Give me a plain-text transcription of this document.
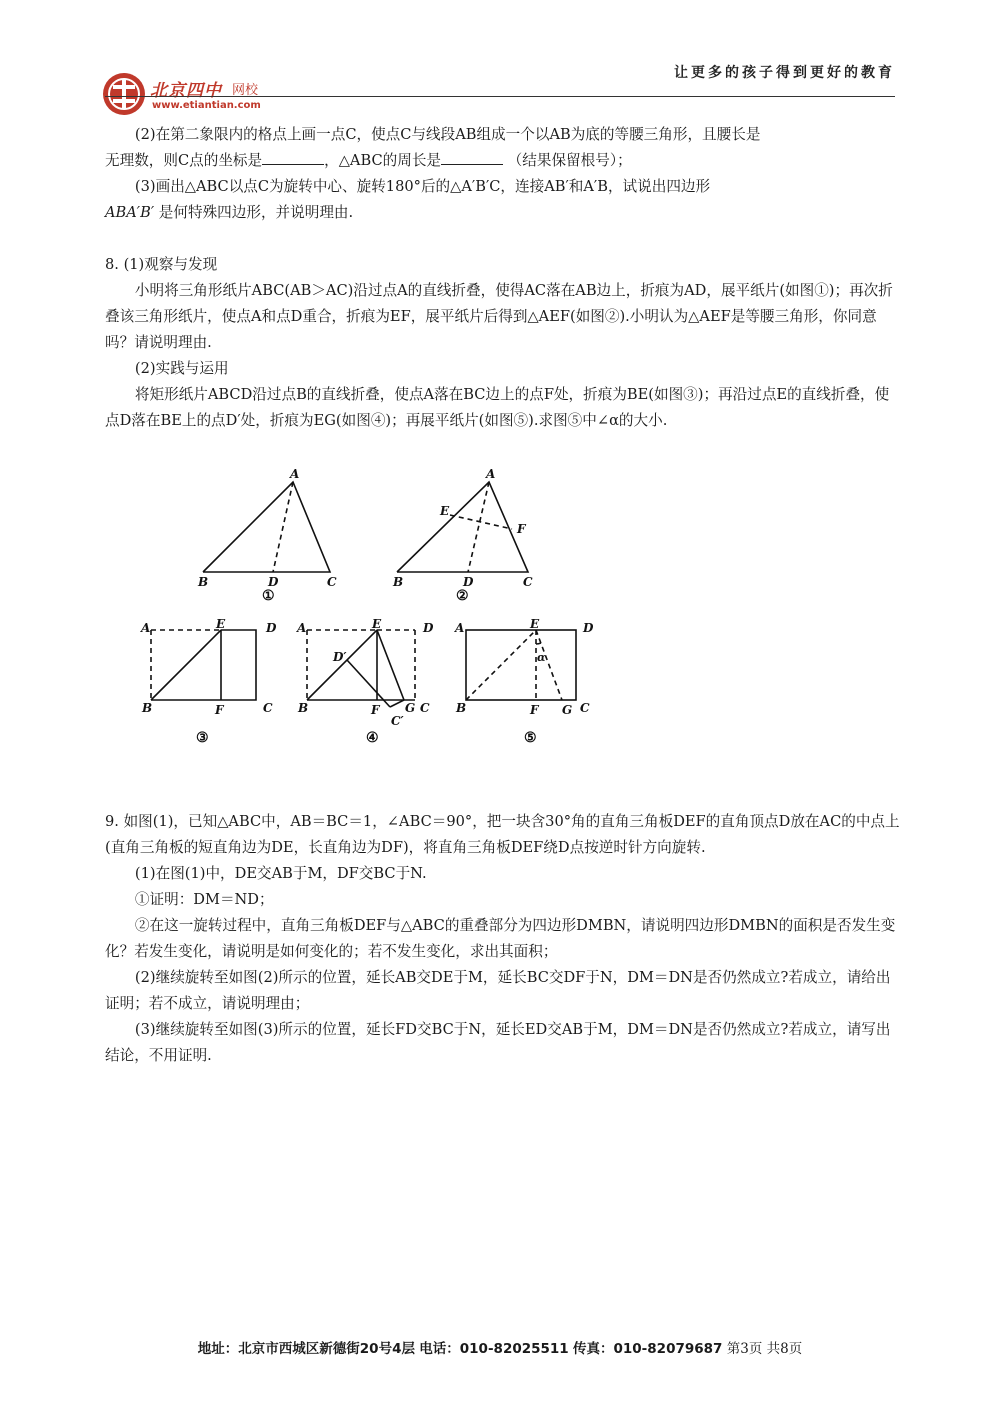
让更多的孩子得到更好的教育
北京四中 网校
www.etiantian.com

(2)在第二象限内的格点上画一点C，使点C与线段AB组成一个以AB为底的等腰三角形，且腰长是

无理数，则C点的坐标是	，△ABC的周长是	（结果保留根号）；

(3)画出△ABC以点C为旋转中心、旋转180°后的△A′B′C，连接AB′和A′B，试说出四边形

ABA′B′ 是何特殊四边形，并说明理由.

8. (1)观察与发现

小明将三角形纸片ABC(AB＞AC)沿过点A的直线折叠，使得AC落在AB边上，折痕为AD，展平纸片(如图①)；再次折叠该三角形纸片，使点A和点D重合，折痕为EF，展平纸片后得到△AEF(如图②).小明认为△AEF是等腰三角形，你同意吗？请说明理由.

(2)实践与运用

将矩形纸片ABCD沿过点B的直线折叠，使点A落在BC边上的点F处，折痕为BE(如图③)；再沿过点E的直线折叠，使点D落在BE上的点D′处，折痕为EG(如图④)；再展平纸片(如图⑤).求图⑤中∠α的大小.

A
B	D	C
①
A
E
F
B	D	C
②
A	E	D
B	F	C
③
A	E	D
D′
B	F G C
C′
④
A	E	D
α
B	F G C
⑤

9. 如图(1)，已知△ABC中，AB＝BC＝1，∠ABC＝90°，把一块含30°角的直角三角板DEF的直角顶点D放在AC的中点上(直角三角板的短直角边为DE，长直角边为DF)，将直角三角板DEF绕D点按逆时针方向旋转.

(1)在图(1)中，DE交AB于M，DF交BC于N.

①证明：DM＝ND；

②在这一旋转过程中，直角三角板DEF与△ABC的重叠部分为四边形DMBN，请说明四边形DMBN的面积是否发生变化？若发生变化，请说明是如何变化的；若不发生变化，求出其面积；

(2)继续旋转至如图(2)所示的位置，延长AB交DE于M，延长BC交DF于N，DM＝DN是否仍然成立?若成立，请给出证明；若不成立，请说明理由；

(3)继续旋转至如图(3)所示的位置，延长FD交BC于N，延长ED交AB于M，DM＝DN是否仍然成立?若成立，请写出结论，不用证明.

地址：北京市西城区新德街20号4层 电话：010-82025511 传真：010-82079687 第3页 共8页
